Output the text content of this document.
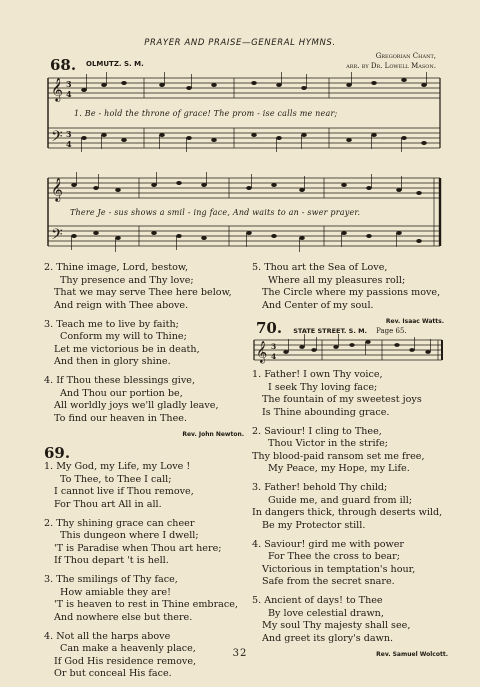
PRAYER AND PRAISE—GENERAL HYMNS.
68. OLMUTZ. S. M.
Gregorian Chant,
arr. by Dr. Lowell Mason.
𝄞
𝄢
3
4
3
4
1. Be - hold the throne of grace! The prom - ise calls me near;
𝄞
𝄢
There Je - sus shows a smil - ing face, And waits to an - swer prayer.
2. Thine image, Lord, bestow,
Thy presence and Thy love;
That we may serve Thee here below,
And reign with Thee above.
3. Teach me to live by faith;
Conform my will to Thine;
Let me victorious be in death,
And then in glory shine.
4. If Thou these blessings give,
And Thou our portion be,
All worldly joys we'll gladly leave,
To find our heaven in Thee.
Rev. John Newton.
69.
1. My God, my Life, my Love !
To Thee, to Thee I call;
I cannot live if Thou remove,
For Thou art All in all.
2. Thy shining grace can cheer
This dungeon where I dwell;
'T is Paradise when Thou art here;
If Thou depart 't is hell.
3. The smilings of Thy face,
How amiable they are!
'T is heaven to rest in Thine embrace,
And nowhere else but there.
4. Not all the harps above
Can make a heavenly place,
If God His residence remove,
Or but conceal His face.
5. Thou art the Sea of Love,
Where all my pleasures roll;
The Circle where my passions move,
And Center of my soul.
Rev. Isaac Watts.
70. STATE STREET. S. M. Page 65.
𝄞 3
4
1. Father! I own Thy voice,
I seek Thy loving face;
The fountain of my sweetest joys
Is Thine abounding grace.
2. Saviour! I cling to Thee,
Thou Victor in the strife;
Thy blood-paid ransom set me free,
My Peace, my Hope, my Life.
3. Father! behold Thy child;
Guide me, and guard from ill;
In dangers thick, through deserts wild,
Be my Protector still.
4. Saviour! gird me with power
For Thee the cross to bear;
Victorious in temptation's hour,
Safe from the secret snare.
5. Ancient of days! to Thee
By love celestial drawn,
My soul Thy majesty shall see,
And greet its glory's dawn.
Rev. Samuel Wolcott.
32
